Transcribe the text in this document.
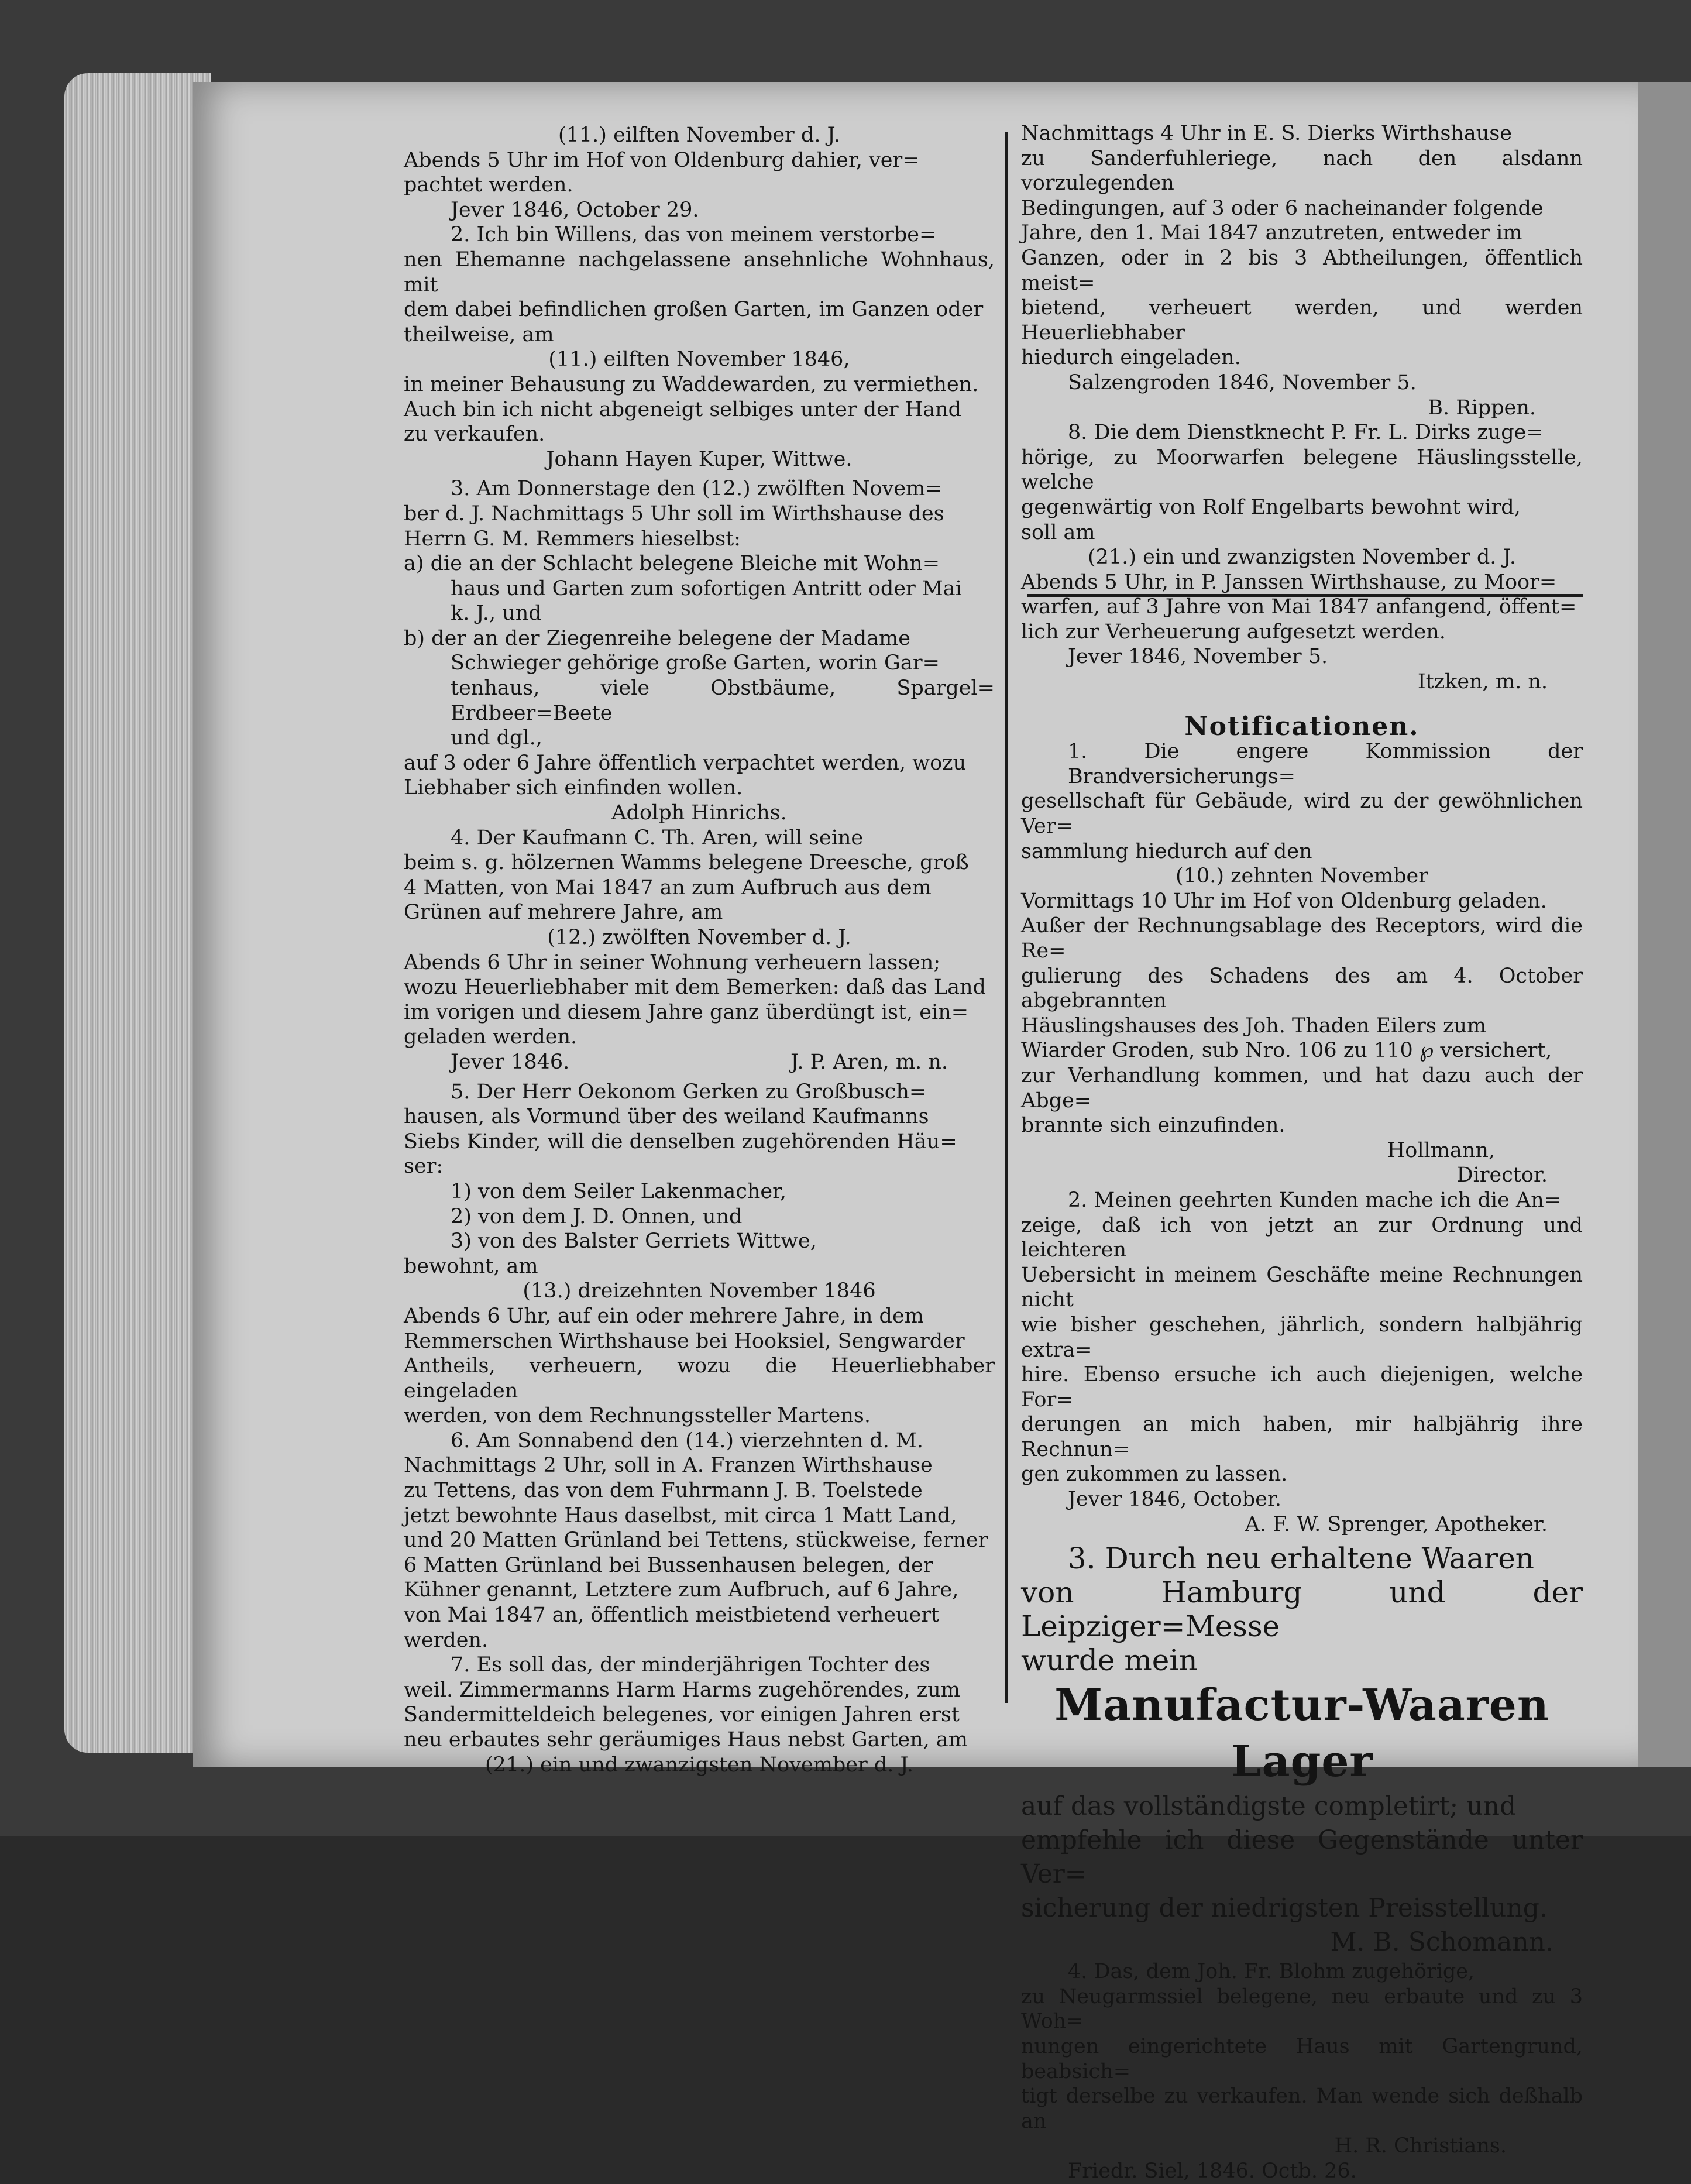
(11.) eilften November d. J.

Abends 5 Uhr im Hof von Oldenburg dahier, ver=

pachtet werden.

Jever 1846, October 29.

2. Ich bin Willens, das von meinem verstorbe=

nen Ehemanne nachgelassene ansehnliche Wohnhaus, mit

dem dabei befindlichen großen Garten, im Ganzen oder

theilweise, am

(11.) eilften November 1846,

in meiner Behausung zu Waddewarden, zu vermiethen.

Auch bin ich nicht abgeneigt selbiges unter der Hand

zu verkaufen.

Johann Hayen Kuper, Wittwe.

3. Am Donnerstage den (12.) zwölften Novem=

ber d. J. Nachmittags 5 Uhr soll im Wirthshause des

Herrn G. M. Remmers hieselbst:

a) die an der Schlacht belegene Bleiche mit Wohn=

haus und Garten zum sofortigen Antritt oder Mai

k. J., und

b) der an der Ziegenreihe belegene der Madame

Schwieger gehörige große Garten, worin Gar=

tenhaus, viele Obstbäume, Spargel= Erdbeer=Beete

und dgl.,

auf 3 oder 6 Jahre öffentlich verpachtet werden, wozu

Liebhaber sich einfinden wollen.

Adolph Hinrichs.

4. Der Kaufmann C. Th. Aren, will seine

beim s. g. hölzernen Wamms belegene Dreesche, groß

4 Matten, von Mai 1847 an zum Aufbruch aus dem

Grünen auf mehrere Jahre, am

(12.) zwölften November d. J.

Abends 6 Uhr in seiner Wohnung verheuern lassen;

wozu Heuerliebhaber mit dem Bemerken: daß das Land

im vorigen und diesem Jahre ganz überdüngt ist, ein=

geladen werden.

Jever 1846.	J. P. Aren, m. n.

5. Der Herr Oekonom Gerken zu Großbusch=

hausen, als Vormund über des weiland Kaufmanns

Siebs Kinder, will die denselben zugehörenden Häu=

ser:

1) von dem Seiler Lakenmacher,

2) von dem J. D. Onnen, und

3) von des Balster Gerriets Wittwe,

bewohnt, am

(13.) dreizehnten November 1846

Abends 6 Uhr, auf ein oder mehrere Jahre, in dem

Remmerschen Wirthshause bei Hooksiel, Sengwarder

Antheils, verheuern, wozu die Heuerliebhaber eingeladen

werden, von dem Rechnungssteller Martens.

6. Am Sonnabend den (14.) vierzehnten d. M.

Nachmittags 2 Uhr, soll in A. Franzen Wirthshause

zu Tettens, das von dem Fuhrmann J. B. Toelstede

jetzt bewohnte Haus daselbst, mit circa 1 Matt Land,

und 20 Matten Grünland bei Tettens, stückweise, ferner

6 Matten Grünland bei Bussenhausen belegen, der

Kühner genannt, Letztere zum Aufbruch, auf 6 Jahre,

von Mai 1847 an, öffentlich meistbietend verheuert

werden.

7. Es soll das, der minderjährigen Tochter des

weil. Zimmermanns Harm Harms zugehörendes, zum

Sandermitteldeich belegenes, vor einigen Jahren erst

neu erbautes sehr geräumiges Haus nebst Garten, am

(21.) ein und zwanzigsten November d. J.

Nachmittags 4 Uhr in E. S. Dierks Wirthshause

zu Sanderfuhleriege, nach den alsdann vorzulegenden

Bedingungen, auf 3 oder 6 nacheinander folgende

Jahre, den 1. Mai 1847 anzutreten, entweder im

Ganzen, oder in 2 bis 3 Abtheilungen, öffentlich meist=

bietend, verheuert werden, und werden Heuerliebhaber

hiedurch eingeladen.

Salzengroden 1846, November 5.

B. Rippen.

8. Die dem Dienstknecht P. Fr. L. Dirks zuge=

hörige, zu Moorwarfen belegene Häuslingsstelle, welche

gegenwärtig von Rolf Engelbarts bewohnt wird,

soll am

(21.) ein und zwanzigsten November d. J.

Abends 5 Uhr, in P. Janssen Wirthshause, zu Moor=

warfen, auf 3 Jahre von Mai 1847 anfangend, öffent=

lich zur Verheuerung aufgesetzt werden.

Jever 1846, November 5.

Itzken, m. n.

Notificationen.

1. Die engere Kommission der Brandversicherungs=

gesellschaft für Gebäude, wird zu der gewöhnlichen Ver=

sammlung hiedurch auf den

(10.) zehnten November

Vormittags 10 Uhr im Hof von Oldenburg geladen.

Außer der Rechnungsablage des Receptors, wird die Re=

gulierung des Schadens des am 4. October abgebrannten

Häuslingshauses des Joh. Thaden Eilers zum

Wiarder Groden, sub Nro. 106 zu 110 ℘ versichert,

zur Verhandlung kommen, und hat dazu auch der Abge=

brannte sich einzufinden.

Hollmann,

Director.

2. Meinen geehrten Kunden mache ich die An=

zeige, daß ich von jetzt an zur Ordnung und leichteren

Uebersicht in meinem Geschäfte meine Rechnungen nicht

wie bisher geschehen, jährlich, sondern halbjährig extra=

hire. Ebenso ersuche ich auch diejenigen, welche For=

derungen an mich haben, mir halbjährig ihre Rechnun=

gen zukommen zu lassen.

Jever 1846, October.

A. F. W. Sprenger, Apotheker.

3. Durch neu erhaltene Waaren

von Hamburg und der Leipziger=Messe

wurde mein

Manufactur-Waaren

Lager

auf das vollständigste completirt; und

empfehle ich diese Gegenstände unter Ver=

sicherung der niedrigsten Preisstellung.

M. B. Schomann.

4. Das, dem Joh. Fr. Blohm zugehörige,

zu Neugarmssiel belegene, neu erbaute und zu 3 Woh=

nungen eingerichtete Haus mit Gartengrund, beabsich=

tigt derselbe zu verkaufen. Man wende sich deßhalb an

H. R. Christians.

Friedr. Siel, 1846. Octb. 26.
